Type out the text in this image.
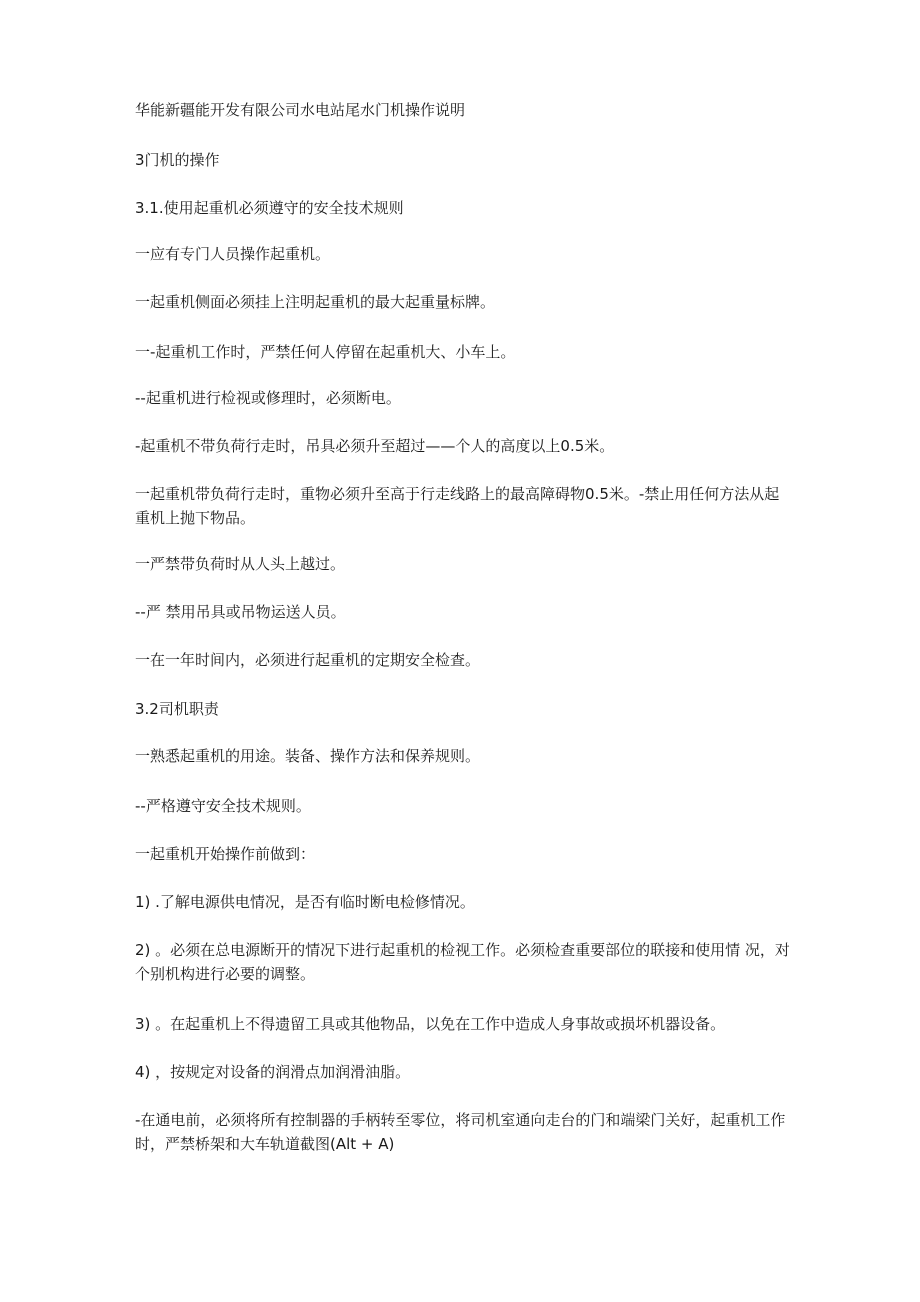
华能新疆能开发有限公司水电站尾水门机操作说明

3门机的操作

3.1.使用起重机必须遵守的安全技术规则

一应有专门人员操作起重机。

一起重机侧面必须挂上注明起重机的最大起重量标牌。

一-起重机工作时，严禁任何人停留在起重机大、小车上。

--起重机进行检视或修理时，必须断电。

-起重机不带负荷行走时，吊具必须升至超过——个人的高度以上0.5米。

一起重机带负荷行走时，重物必须升至高于行走线路上的最高障碍物0.5米。-禁止用任何方法从起重机上抛下物品。

一严禁带负荷时从人头上越过。

--严 禁用吊具或吊物运送人员。

一在一年时间内，必须进行起重机的定期安全检查。

3.2司机职责

一熟悉起重机的用途。装备、操作方法和保养规则。

--严格遵守安全技术规则。

一起重机开始操作前做到：

1) .了解电源供电情况，是否有临时断电检修情况。

2) 。必须在总电源断开的情况下进行起重机的检视工作。必须检查重要部位的联接和使用情 况，对个别机构进行必要的调整。

3) 。在起重机上不得遗留工具或其他物品，以免在工作中造成人身事故或损坏机器设备。

4) ，按规定对设备的润滑点加润滑油脂。

-在通电前，必须将所有控制器的手柄转至零位，将司机室通向走台的门和端梁门关好，起重机工作时，严禁桥架和大车轨道截图(Alt + A)
